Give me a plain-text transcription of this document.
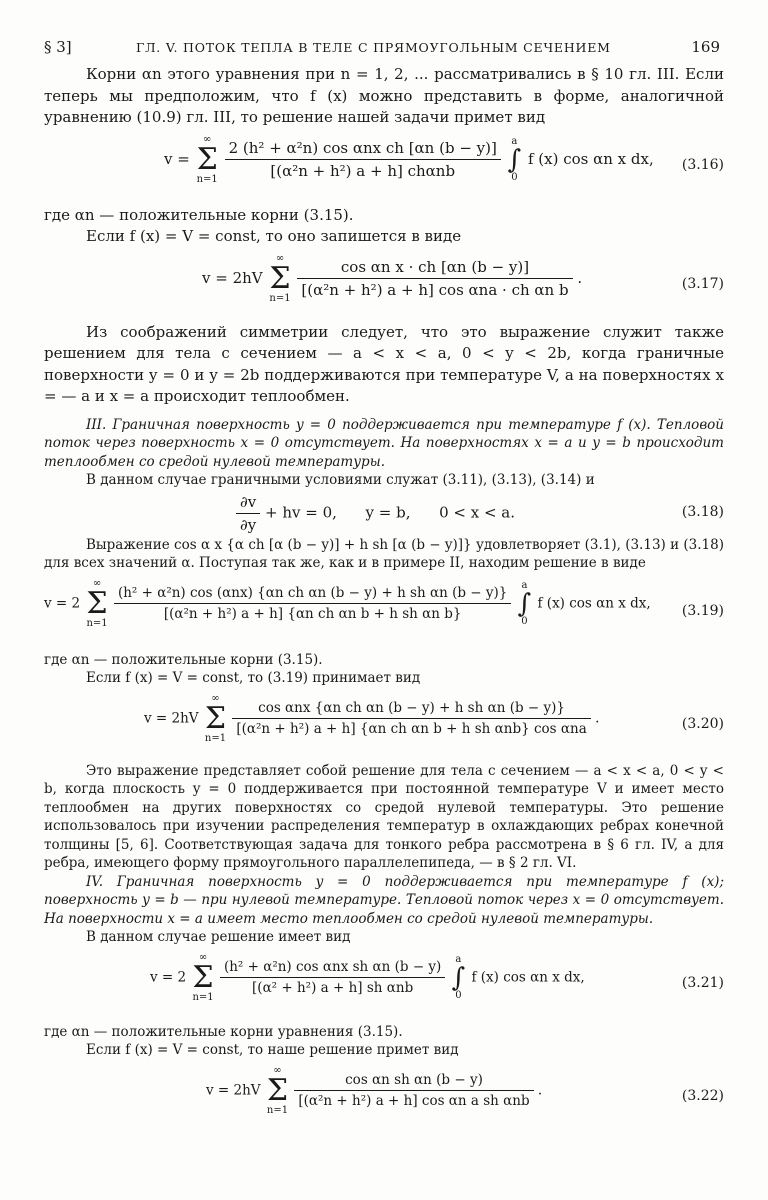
§ 3]	ГЛ. V. ПОТОК ТЕПЛА В ТЕЛЕ С ПРЯМОУГОЛЬНЫМ СЕЧЕНИЕМ	169

Корни αn этого уравнения при n = 1, 2, ... рассматривались в § 10 гл. III. Если теперь мы предположим, что f (x) можно представить в форме, аналогичной уравнению (10.9) гл. III, то решение нашей задачи примет вид

v =
∞
Σ
n=1
$\frac{\text{2 (h² + α²n) cos αnx ch [αn (b − y)]}}{\text{[(α²n + h²) a + h] chαnb}}$
	a
∫
0
f (x) cos αn x dx, (3.16)

где αn — положительные корни (3.15).

Если f (x) = V = const, то оно запишется в виде

v = 2hV
∞
Σ
n=1
$\frac{\text{cos αn x · ch [αn (b − y)]}}{\text{[(α²n + h²) a + h] cos αna · ch αn b}}$ .	(3.17)

Из соображений симметрии следует, что это выражение служит также решением для тела с сечением — a < x < a, 0 < y < 2b, когда граничные поверхности y = 0 и y = 2b поддерживаются при температуре V, а на поверхностях x = — a и x = a происходит теплообмен.

III. Граничная поверхность y = 0 поддерживается при температуре f (x). Тепловой поток через поверхность x = 0 отсутствует. На поверхностях x = a и y = b происходит теплообмен со средой нулевой температуры.

В данном случае граничными условиями служат (3.11), (3.13), (3.14) и

$\frac{\partial v}{\partial y}$ + hv = 0,      y = b,      0 < x < a.	(3.18)

Выражение cos α x {α ch [α (b − y)] + h sh [α (b − y)]} удовлетворяет (3.1), (3.13) и (3.18) для всех значений α. Поступая так же, как и в примере II, находим решение в виде

v = 2
∞
Σ
n=1

$\frac{\text{(h² + α²n) cos (αnx) \{αn ch αn (b − y) + h sh αn (b − y)\}}}{\text{[(α²n + h²) a + h] \{αn ch αn b + h sh αn b\}}}$
	a
∫
0
f (x) cos αn x dx, (3.19)

где αn — положительные корни (3.15).

Если f (x) = V = const, то (3.19) принимает вид

v = 2hV
∞
Σ
n=1

$\frac{\text{cos αnx \{αn ch αn (b − y) + h sh αn (b − y)\}}}{\text{[(α²n + h²) a + h] \{αn ch αn b + h sh αnb\} cos αna}}$ .	(3.20)

Это выражение представляет собой решение для тела с сечением — a < x < a, 0 < y < b, когда плоскость y = 0 поддерживается при постоянной температуре V и имеет место теплообмен на других поверхностях со средой нулевой температуры. Это решение использовалось при изучении распределения температур в охлаждающих ребрах конечной толщины [5, 6]. Соответствующая задача для тонкого ребра рассмотрена в § 6 гл. IV, а для ребра, имеющего форму прямоугольного параллелепипеда, — в § 2 гл. VI.

IV. Граничная поверхность y = 0 поддерживается при температуре f (x); поверхность y = b — при нулевой температуре. Тепловой поток через x = 0 отсутствует. На поверхности x = a имеет место теплообмен со средой нулевой температуры.

В данном случае решение имеет вид

v = 2
∞
Σ
n=1

$\frac{\text{(h² + α²n) cos αnx sh αn (b − y)}}{\text{[(α² + h²) a + h] sh αnb}}$
	a
∫
0
f (x) cos αn x dx,	(3.21)

где αn — положительные корни уравнения (3.15).

Если f (x) = V = const, то наше решение примет вид

v = 2hV
∞
Σ
n=1

$\frac{\text{cos αn sh αn (b − y)}}{\text{[(α²n + h²) a + h] cos αn a sh αnb}}$ .	(3.22)
